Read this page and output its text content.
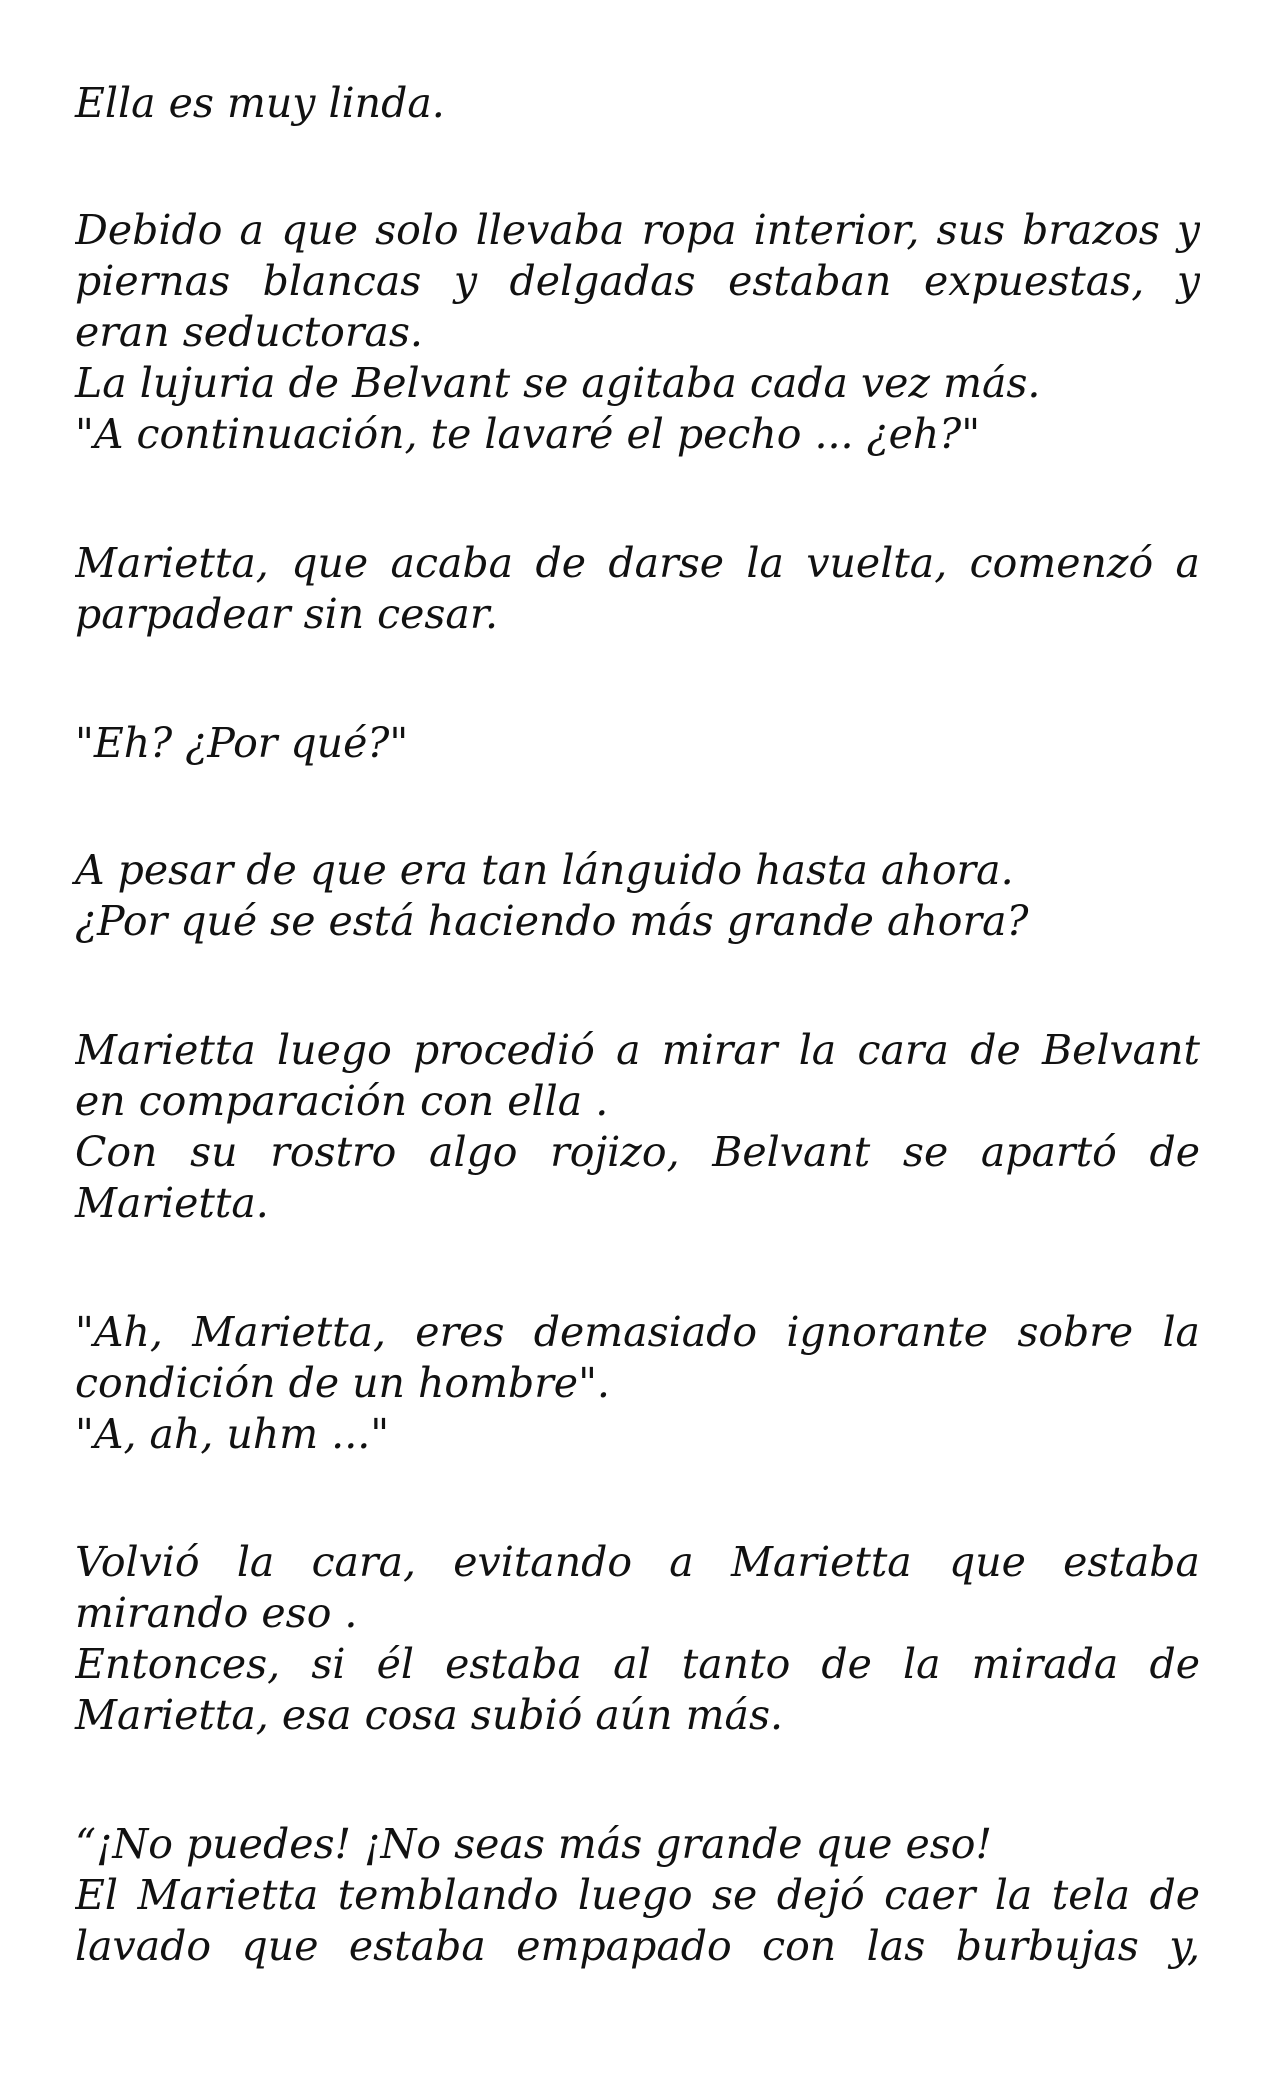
Ella es muy linda.
Debido a que solo llevaba ropa interior, sus brazos y
piernas blancas y delgadas estaban expuestas, y
eran seductoras.
La lujuria de Belvant se agitaba cada vez más.
"A continuación, te lavaré el pecho ... ¿eh?"
Marietta, que acaba de darse la vuelta, comenzó a
parpadear sin cesar.
"Eh? ¿Por qué?"
A pesar de que era tan lánguido hasta ahora.
¿Por qué se está haciendo más grande ahora?
Marietta luego procedió a mirar la cara de Belvant
en comparación con ella .
Con su rostro algo rojizo, Belvant se apartó de
Marietta.
"Ah, Marietta, eres demasiado ignorante sobre la
condición de un hombre".
"A, ah, uhm ..."
Volvió la cara, evitando a Marietta que estaba
mirando eso .
Entonces, si él estaba al tanto de la mirada de
Marietta, esa cosa subió aún más.
“¡No puedes! ¡No seas más grande que eso!
El Marietta temblando luego se dejó caer la tela de
lavado que estaba empapado con las burbujas y,
